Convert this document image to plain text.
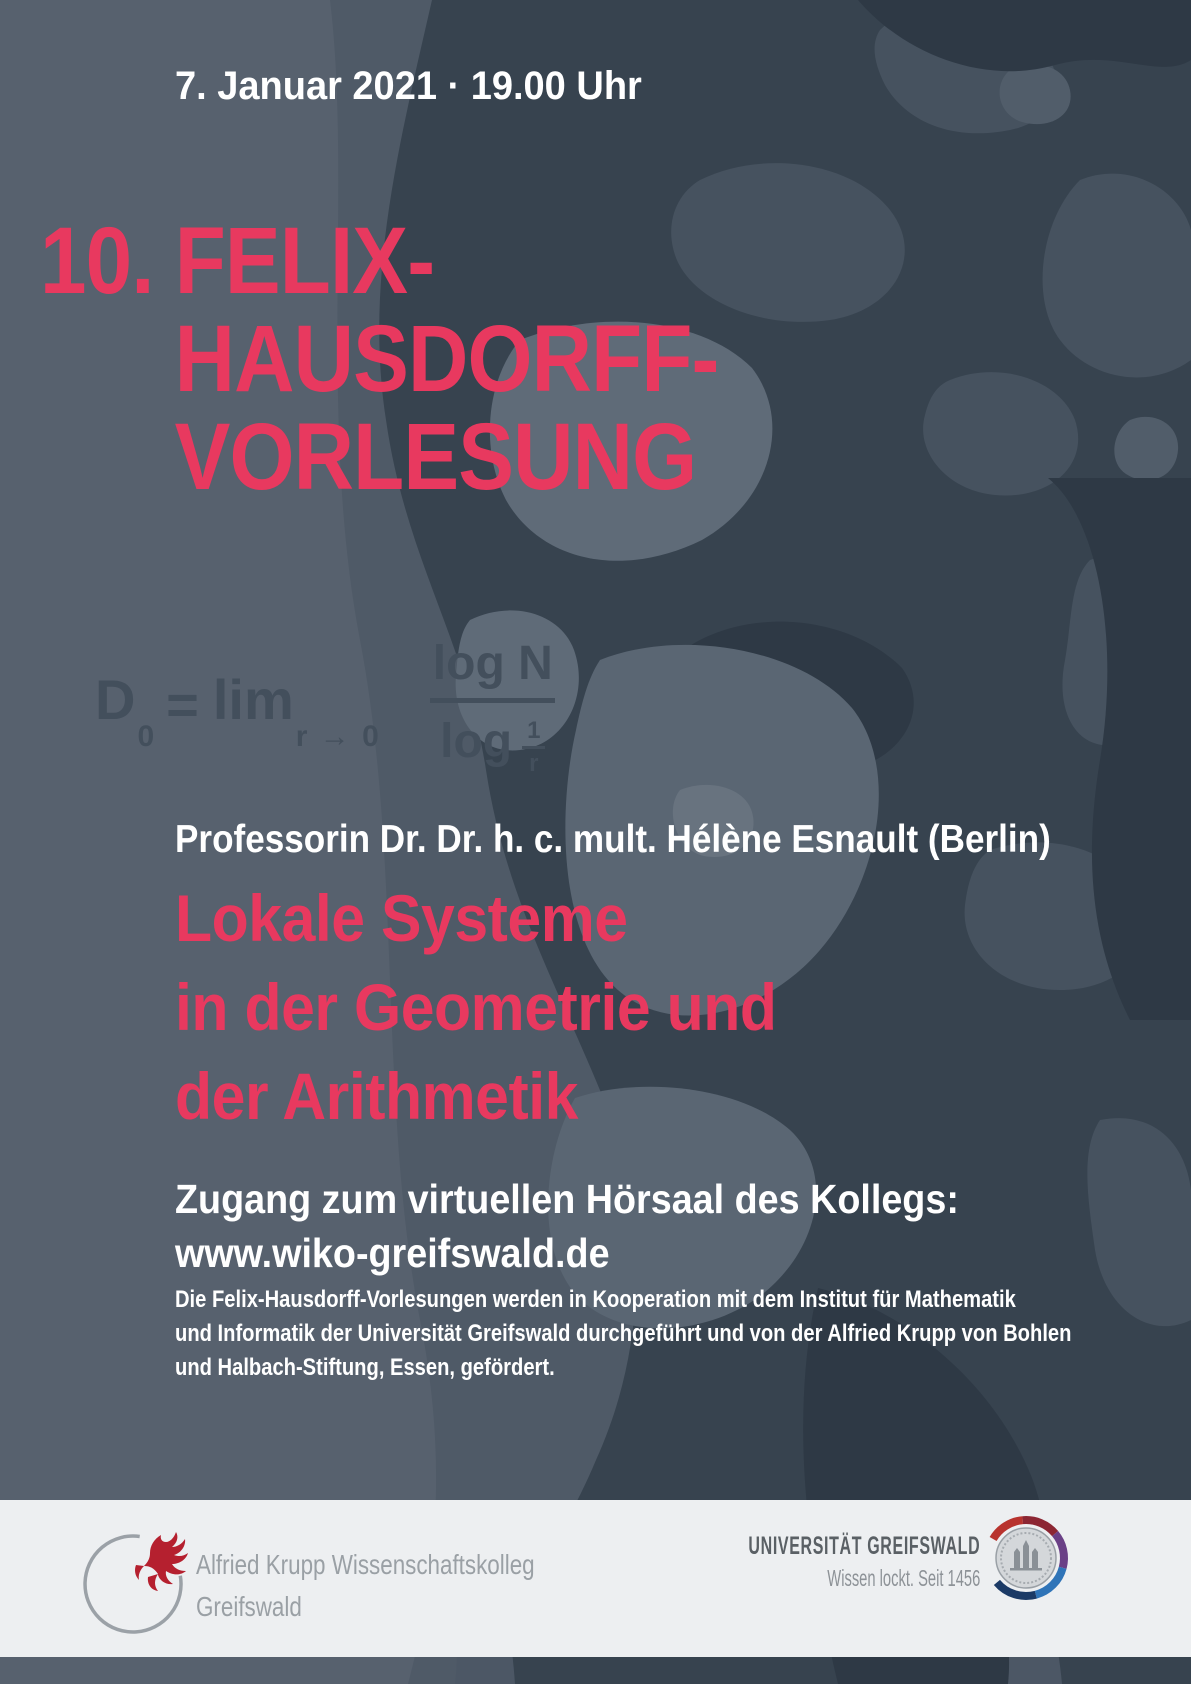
7. Januar 2021 · 19.00 Uhr
10. FELIX-
HAUSDORFF-
VORLESUNG
$D_0$
= $\lim_{r \to 0} \log N$
log 1
r
Professorin Dr. Dr. h. c. mult. Hélène Esnault (Berlin)
Lokale Systeme
in der Geometrie und
der Arithmetik
Zugang zum virtuellen Hörsaal des Kollegs:
www.wiko-greifswald.de
Die Felix-Hausdorff-Vorlesungen werden in Kooperation mit dem Institut für Mathematik
und Informatik der Universität Greifswald durchgeführt und von der Alfried Krupp von Bohlen
und Halbach-Stiftung, Essen, gefördert.
Alfried Krupp Wissenschaftskolleg
Greifswald
UNIVERSITÄT GREIFSWALD
Wissen lockt. Seit 1456
